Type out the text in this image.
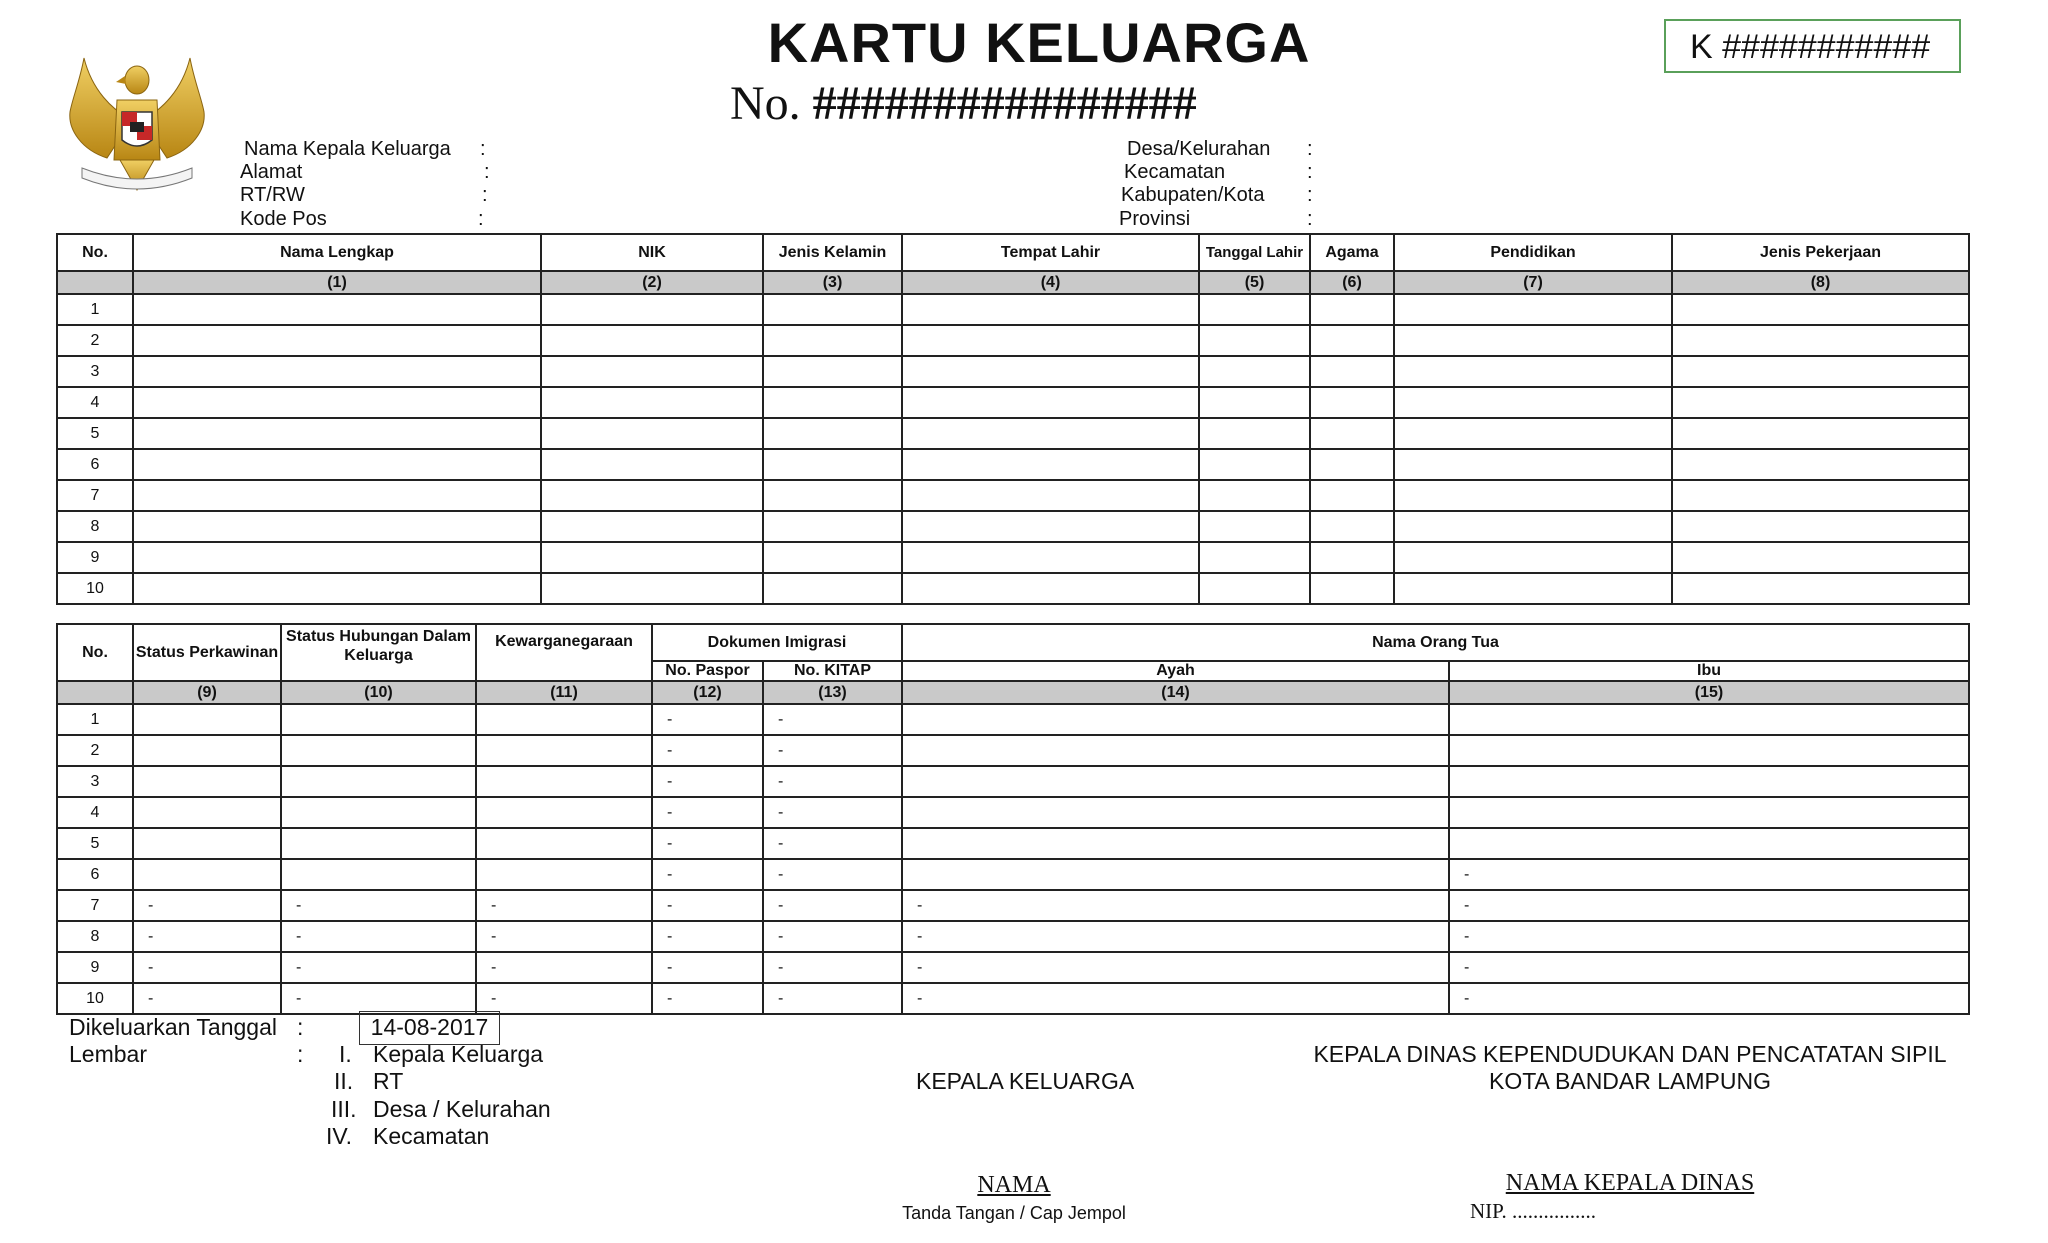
KARTU KELUARGA
No. ################
K ###########
Nama Kepala Keluarga :
Alamat	:
RT/RW	:
Kode Pos	:
Desa/Kelurahan :
Kecamatan	:
Kabupaten/Kota :
Provinsi	:
No.	Nama Lengkap	NIK	Jenis Kelamin	Tempat Lahir	Tanggal Lahir	Agama	Pendidikan	Jenis Pekerjaan
	(1)	(2)	(3)	(4)	(5)	(6)	(7)	(8)
1								
2								
3								
4								
5								
6								
7								
8								
9								
10								
No.	Status Perkawinan	Status Hubungan Dalam Keluarga	Kewarganegaraan	Dokumen Imigrasi		Nama Orang Tua	
				No. Paspor	No. KITAP	Ayah	Ibu
	(9)	(10)	(11)	(12)	(13)	(14)	(15)
1				-	-		
2				-	-		
3				-	-		
4				-	-		
5				-	-		
6				-	-		-
7	-	-	-	-	-	-	-
8	-	-	-	-	-	-	-
9	-	-	-	-	-	-	-
10	-	-	-	-	-	-	-
Dikeluarkan Tanggal :	14-08-2017
Lembar	: I. Kepala Keluarga
II. RT
III. Desa / Kelurahan
IV. Kecamatan
KEPALA KELUARGA
KEPALA DINAS KEPENDUDUKAN DAN PENCATATAN SIPIL
KOTA BANDAR LAMPUNG
NAMA
Tanda Tangan / Cap Jempol
NAMA KEPALA DINAS
NIP. ................
